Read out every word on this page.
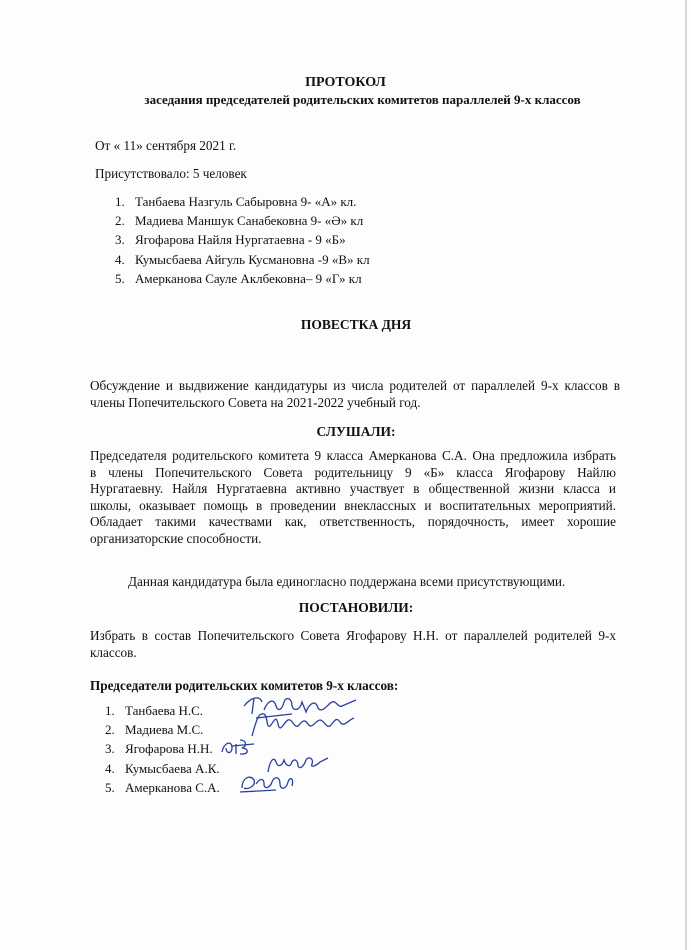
ПРОТОКОЛ
заседания председателей родительских комитетов параллелей 9-х классов
От « 11» сентября 2021 г.
Присутствовало: 5 человек
1. Танбаева Назгуль Сабыровна 9- «А» кл.
2. Мадиева Маншук Санабековна 9- «Ә» кл
3. Ягофарова Найля Нургатаевна - 9 «Б»
4. Кумысбаева Айгуль Кусмановна -9 «В» кл
5. Амерканова Сауле Аклбековна– 9 «Г» кл
ПОВЕСТКА ДНЯ
Обсуждение и выдвижение кандидатуры из числа родителей от параллелей 9-х классов в
члены Попечительского Совета на 2021-2022 учебный год.
СЛУШАЛИ:
Председателя родительского комитета 9 класса Амерканова С.А. Она предложила избрать
в члены Попечительского Совета родительницу 9 «Б» класса Ягофарову Найлю
Нургатаевну. Найля Нургатаевна активно участвует в общественной жизни класса и
школы, оказывает помощь в проведении внеклассных и воспитательных мероприятий.
Обладает такими качествами как, ответственность, порядочность, имеет хорошие
организаторские способности.
Данная кандидатура была единогласно поддержана всеми присутствующими.
ПОСТАНОВИЛИ:
Избрать в состав Попечительского Совета Ягофарову Н.Н. от параллелей родителей 9-х
классов.
Председатели родительских комитетов 9-х классов:
1. Танбаева Н.С.
2. Мадиева М.С.
3. Ягофарова Н.Н.
4. Кумысбаева А.К.
5. Амерканова С.А.
